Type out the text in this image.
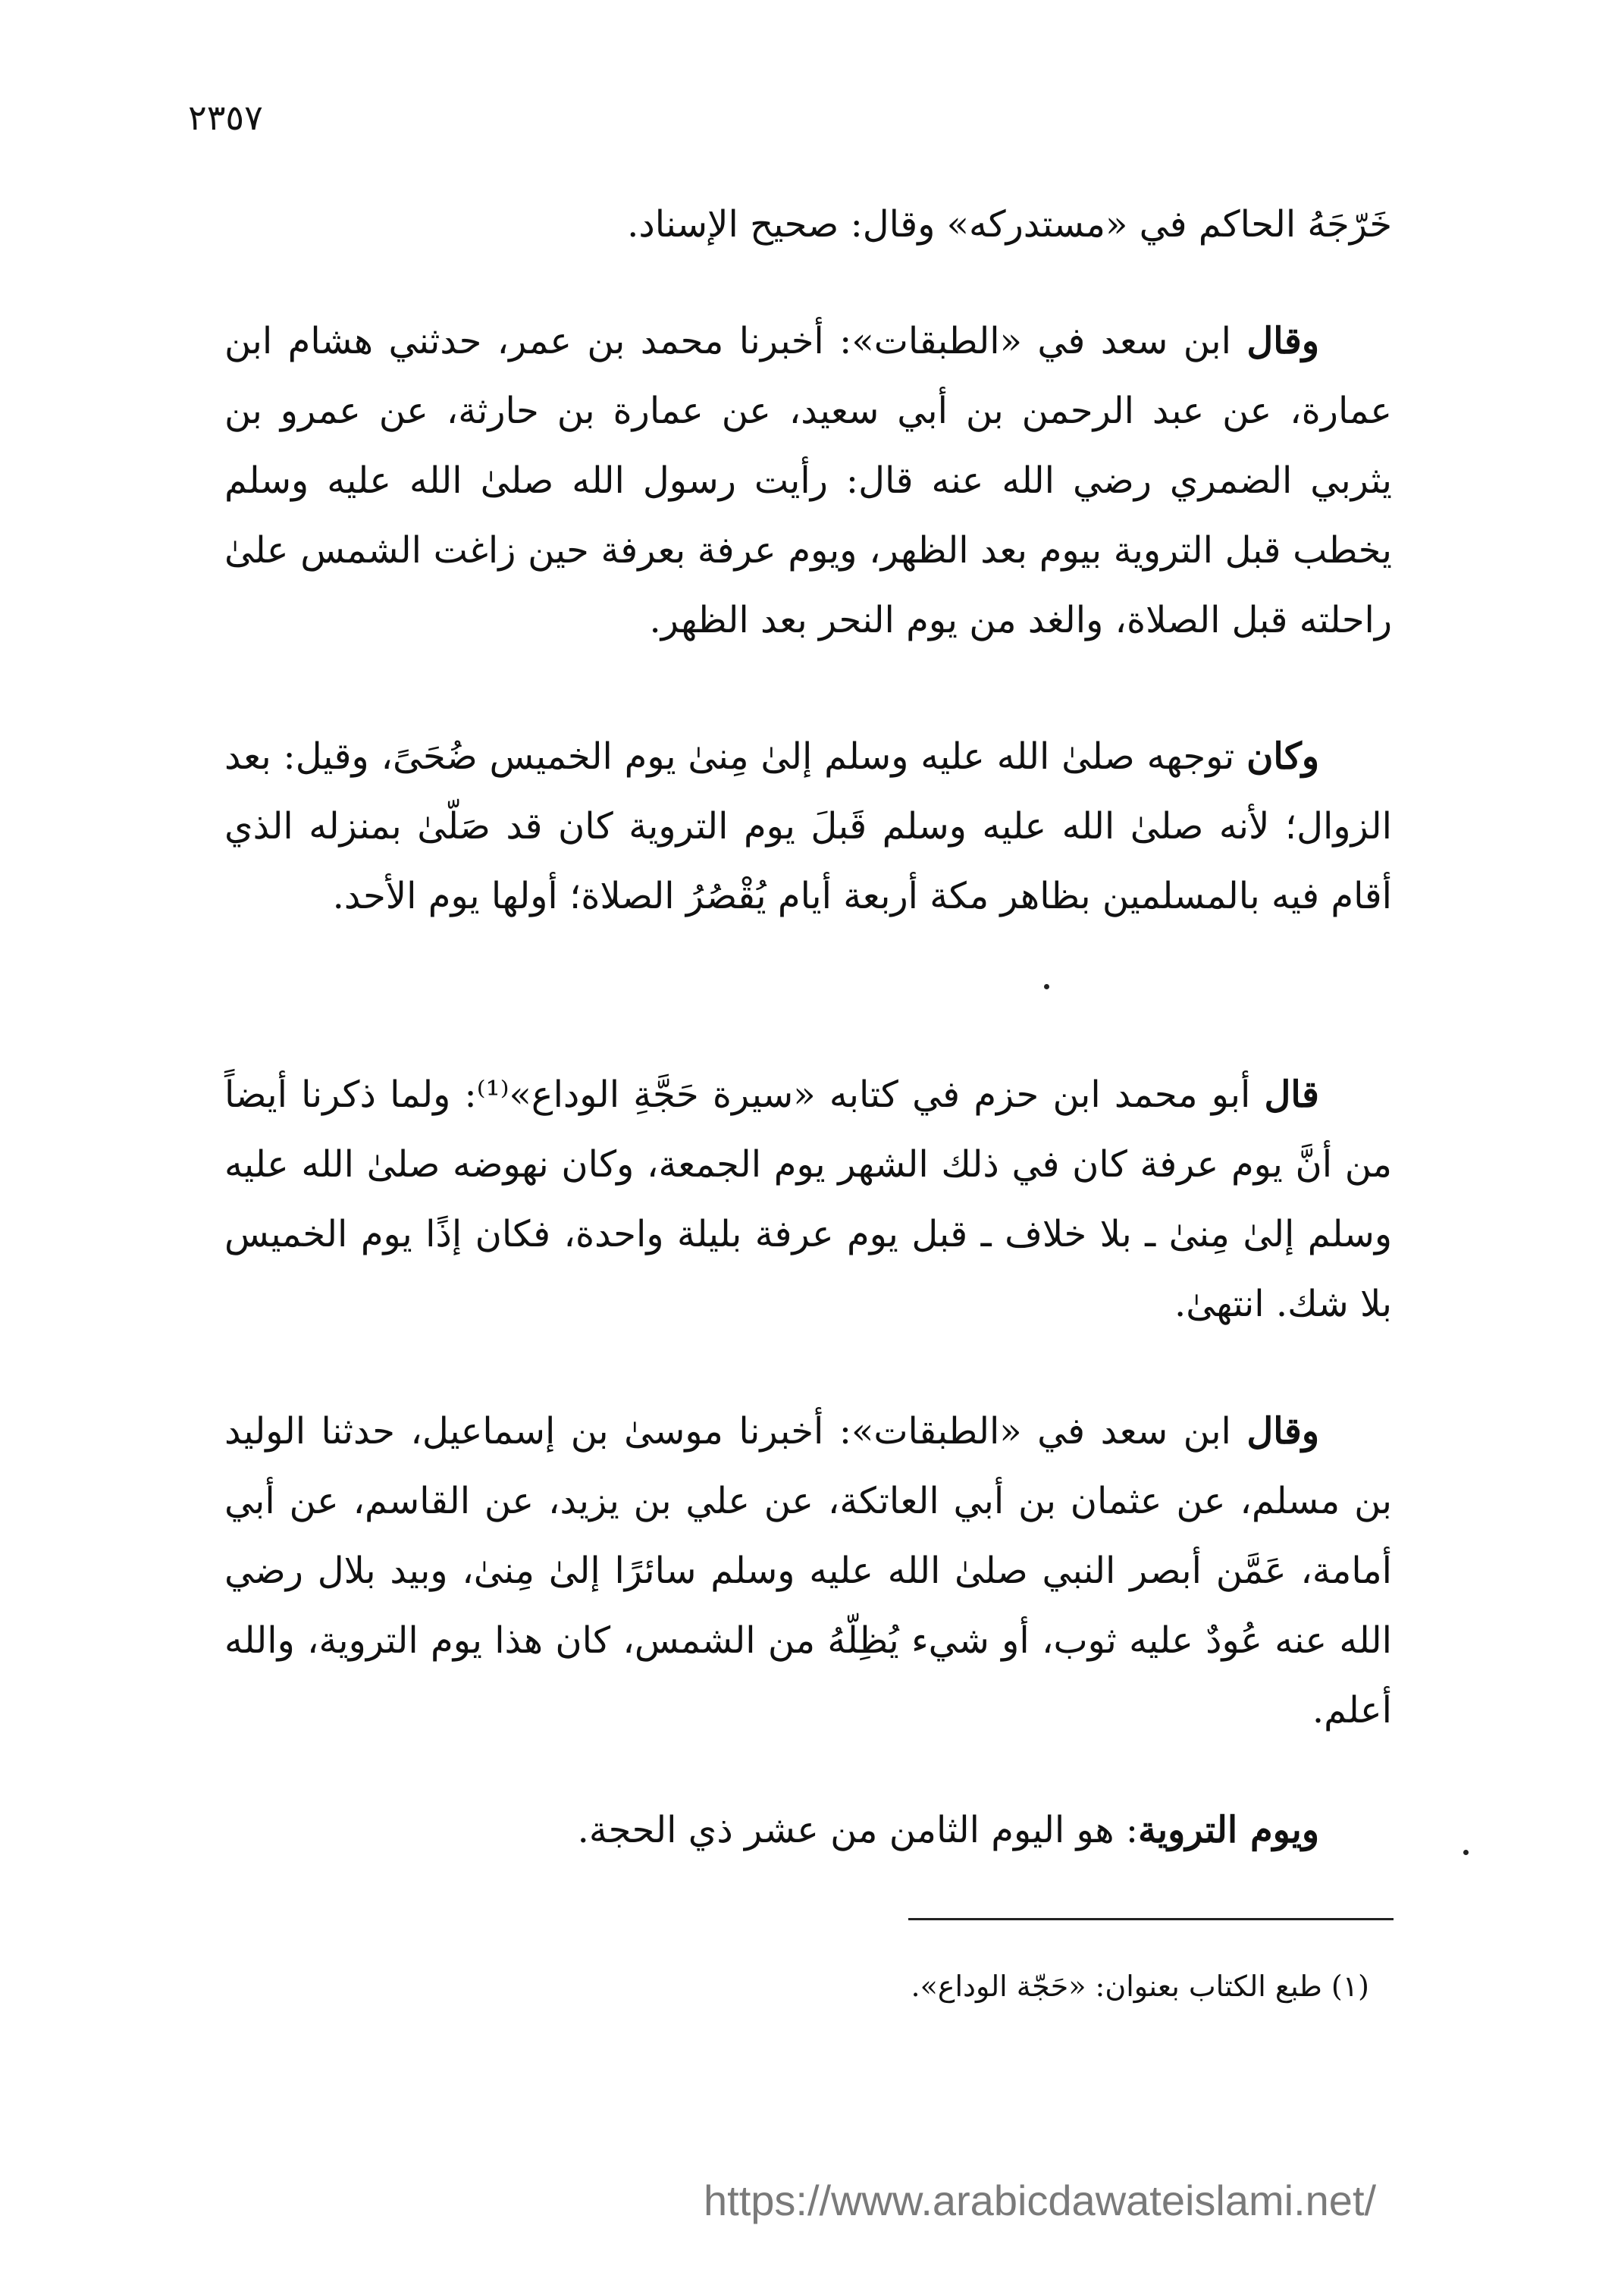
٢٣٥٧

خَرّجَهُ الحاكم في «مستدركه» وقال: صحيح الإسناد.

وقال ابن سعد في «الطبقات»: أخبرنا محمد بن عمر، حدثني هشام ابن عمارة، عن عبد الرحمن بن أبي سعيد، عن عمارة بن حارثة، عن عمرو بن يثربي الضمري رضي الله عنه قال: رأيت رسول الله صلىٰ الله عليه وسلم يخطب قبل التروية بيوم بعد الظهر، ويوم عرفة بعرفة حين زاغت الشمس علىٰ راحلته قبل الصلاة، والغد من يوم النحر بعد الظهر.

وكان توجهه صلىٰ الله عليه وسلم إلىٰ مِنىٰ يوم الخميس ضُحَىً، وقيل: بعد الزوال؛ لأنه صلىٰ الله عليه وسلم قَبلَ يوم التروية كان قد صَلّىٰ بمنزله الذي أقام فيه بالمسلمين بظاهر مكة أربعة أيام يُقْصُرُ الصلاة؛ أولها يوم الأحد.

قال أبو محمد ابن حزم في كتابه «سيرة حَجَّةِ الوداع»⁽¹⁾: ولما ذكرنا أيضاً من أنَّ يوم عرفة كان في ذلك الشهر يوم الجمعة، وكان نهوضه صلىٰ الله عليه وسلم إلىٰ مِنىٰ ـ بلا خلاف ـ قبل يوم عرفة بليلة واحدة، فكان إذًا يوم الخميس بلا شك. انتهىٰ.

وقال ابن سعد في «الطبقات»: أخبرنا موسىٰ بن إسماعيل، حدثنا الوليد بن مسلم، عن عثمان بن أبي العاتكة، عن علي بن يزيد، عن القاسم، عن أبي أمامة، عَمَّن أبصر النبي صلىٰ الله عليه وسلم سائرًا إلىٰ مِنىٰ، وبيد بلال رضي الله عنه عُودٌ عليه ثوب، أو شيء يُظِلّهُ من الشمس، كان هذا يوم التروية، والله أعلم.

ويوم التروية: هو اليوم الثامن من عشر ذي الحجة.

(١) طبع الكتاب بعنوان: «حَجّة الوداع».
https://www.arabicdawateislami.net/
